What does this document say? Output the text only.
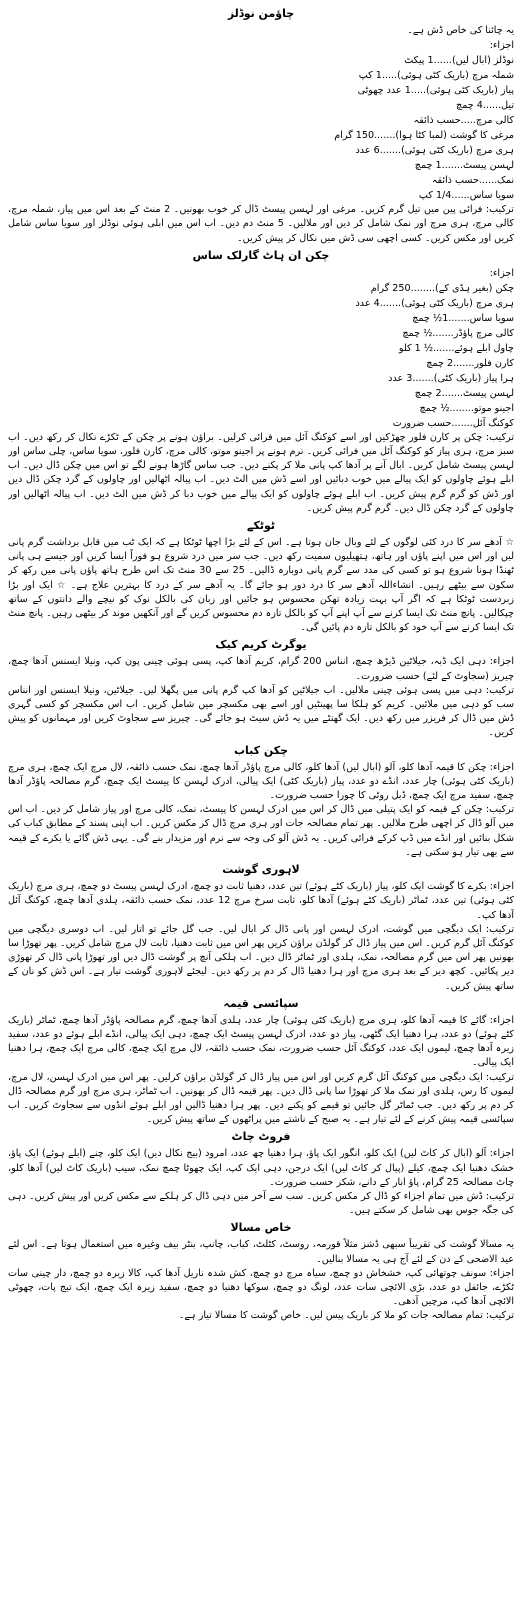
چاؤمن نوڈلز
یہ چائنا کی خاص ڈش ہے۔
اجزاء:
نوڈلز (ابال لیں)......1 پیکٹ
شملہ مرچ (باریک کٹی ہوئی).....1 کپ
پیاز (باریک کٹی ہوئی).....1 عدد چھوٹی
تیل......4 چمچ
کالی مرچ.....حسب ذائقہ
مرغی کا گوشت (لمبا کٹا ہوا).......150 گرام
ہری مرچ (باریک کٹی ہوئی).......6 عدد
لہسن پیسٹ.......1 چمچ
نمک......حسب ذائقہ
سویا ساس......1/4 کپ
ترکیب: فرائی پین میں تیل گرم کریں۔ مرغی اور لہسن پیسٹ ڈال کر خوب بھونیں۔ 2 منٹ کے بعد اس میں پیاز، شملہ مرچ، کالی مرچ، ہری مرچ اور نمک شامل کر دیں اور ملالیں۔ 5 منٹ دم دیں۔ اب اس میں ابلی ہوئی نوڈلز اور سویا ساس شامل کریں اور مکس کریں۔ کسی اچھی سی ڈش میں نکال کر پیش کریں۔
چکن ان ہاٹ گارلک ساس
اجزاء:
چکن (بغیر ہڈی کے)........250 گرام
ہری مرچ (باریک کٹی ہوئی).......4 عدد
سویا ساس.......1½ چمچ
کالی مرچ پاؤڈر.......½ چمچ
چاول ابلے ہوئے.......½ 1 کلو
کارن فلور.......2 چمچ
ہرا پیاز (باریک کٹی).......3 عدد
لہسن پیسٹ.......2 چمچ
اجینو موتو........½ چمچ
کوکنگ آئل.......حسب ضرورت
ترکیب: چکن پر کارن فلور چھڑکیں اور اسے کوکنگ آئل میں فرائی کرلیں۔ براؤن ہونے پر چکن کے ٹکڑے نکال کر رکھ دیں۔ اب سبز مرچ، ہری پیاز کو کوکنگ آئل میں فرائی کریں۔ نرم ہونے پر اجینو موتو، کالی مرچ، کارن فلور، سویا ساس، چلی ساس اور لہسن پیسٹ شامل کریں۔ ابال آنے پر آدھا کپ پانی ملا کر پکنے دیں۔ جب ساس گاڑھا ہونے لگے تو اس میں چکن ڈال دیں۔ اب ابلے ہوئے چاولوں کو ایک پیالے میں خوب دبائیں اور اسے ڈش میں الٹ دیں۔ اب پیالہ اٹھالیں اور چاولوں کے گرد چکن ڈال دیں اور ڈش کو گرم گرم پیش کریں۔ اب ابلے ہوئے چاولوں کو ایک پیالے میں خوب دبا کر ڈش میں الٹ دیں۔ اب پیالہ اٹھالیں اور چاولوں کے گرد چکن ڈال دیں۔ گرم گرم پیش کریں۔
ٹوٹکے
☆ آدھے سر کا درد کئی لوگوں کے لئے وبال جان ہوتا ہے۔ اس کے لئے بڑا اچھا ٹوٹکا ہے کہ ایک ٹب میں قابل برداشت گرم پانی لیں اور اس میں اپنے پاؤں اور ہاتھ، ہتھیلیوں سمیت رکھ دیں۔ جب سر میں درد شروع ہو فوراً ایسا کریں اور جیسے ہی پانی ٹھنڈا ہونا شروع ہو تو کسی کی مدد سے گرم پانی دوبارہ ڈالیں۔ 25 سے 30 منٹ تک اس طرح ہاتھ پاؤں پانی میں رکھ کر سکون سے بیٹھے رہیں۔ انشاءاللہ آدھے سر کا درد دور ہو جائے گا۔ یہ آدھے سر کے درد کا بہترین علاج ہے۔ ☆ ایک اور بڑا زبردست ٹوٹکا ہے کہ اگر آپ بہت زیادہ تھکن محسوس ہو جائیں اور زبان کی بالکل نوک کو نیچے والے دانتوں کے ساتھ چپکالیں۔ پانچ منٹ تک ایسا کرنے سے آپ اپنے آپ کو بالکل تازہ دم محسوس کریں گے اور آنکھیں موند کر بیٹھی رہیں۔ پانچ منٹ تک ایسا کرنے سے آپ خود کو بالکل تازہ دم پائیں گی۔
یوگرٹ کریم کیک
اجزاء: دہی ایک ڈبہ، جیلاٹین ڈیڑھ چمچ، انناس 200 گرام، کریم آدھا کپ، پسی ہوئی چینی پون کپ، ونیلا ایسنس آدھا چمچ، چیریز (سجاوٹ کے لئے) حسب ضرورت۔
ترکیب: دہی میں پسی ہوئی چینی ملالیں۔ اب جیلاٹین کو آدھا کپ گرم پانی میں پگھلا لیں۔ جیلاٹین، ونیلا ایسنس اور انناس سب کو دہی میں ملائیں۔ کریم کو ہلکا سا پھینٹیں اور اسے بھی مکسچر میں شامل کریں۔ اب اس مکسچر کو کسی گہری ڈش میں ڈال کر فریزر میں رکھ دیں۔ ایک گھنٹے میں یہ ڈش سیٹ ہو جائے گی۔ چیریز سے سجاوٹ کریں اور مہمانوں کو پیش کریں۔
چکن کباب
اجزاء: چکن کا قیمہ آدھا کلو، آلو (ابال لیں) آدھا کلو، کالی مرچ پاؤڈر آدھا چمچ، نمک حسب ذائقہ، لال مرچ ایک چمچ، ہری مرچ (باریک کٹی ہوئی) چار عدد، انڈے دو عدد، پیاز (باریک کٹی) ایک پیالی، ادرک لہسن کا پیسٹ ایک چمچ، گرم مصالحہ پاؤڈر آدھا چمچ، سفید مرچ ایک چمچ، ڈبل روٹی کا چورا حسب ضرورت۔
ترکیب: چکن کے قیمہ کو ایک پتیلی میں ڈال کر اس میں ادرک لہسن کا پیسٹ، نمک، کالی مرچ اور پیاز شامل کر دیں۔ اب اس میں آلو ڈال کر اچھی طرح ملالیں۔ پھر تمام مصالحہ جات اور ہری مرچ ڈال کر مکس کریں۔ اب اپنی پسند کے مطابق کباب کی شکل بنائیں اور انڈے میں ڈپ کرکے فرائی کریں۔ یہ ڈش آلو کی وجہ سے نرم اور مزیدار بنے گی۔ یہی ڈش گائے یا بکرے کے قیمہ سے بھی تیار ہو سکتی ہے۔
لاہوری گوشت
اجزاء: بکرے کا گوشت ایک کلو، پیاز (باریک کٹے ہوئے) تین عدد، دھنیا ثابت دو چمچ، ادرک لہسن پیسٹ دو چمچ، ہری مرچ (باریک کٹی ہوئی) تین عدد، ٹماٹر (باریک کٹے ہوئے) آدھا کلو، ثابت سرخ مرچ 12 عدد، نمک حسب ذائقہ، ہلدی آدھا چمچ، کوکنگ آئل آدھا کپ۔
ترکیب: ایک دیگچی میں گوشت، ادرک لہسن اور پانی ڈال کر ابال لیں۔ جب گل جائے تو اتار لیں۔ اب دوسری دیگچی میں کوکنگ آئل گرم کریں۔ اس میں پیاز ڈال کر گولڈن براؤن کریں پھر اس میں ثابت دھنیا، ثابت لال مرچ شامل کریں۔ پھر تھوڑا سا بھونیں پھر اس میں گرم مصالحہ، نمک، ہلدی اور ٹماٹر ڈال دیں۔ اب ہلکی آنچ پر گوشت ڈال دیں اور تھوڑا پانی ڈال کر تھوڑی دیر پکائیں۔ کچھ دیر کے بعد ہری مرچ اور ہرا دھنیا ڈال کر دم پر رکھ دیں۔ لیجئے لاہوری گوشت تیار ہے۔ اس ڈش کو نان کے ساتھ پیش کریں۔
سپائسی قیمہ
اجزاء: گائے کا قیمہ آدھا کلو، ہری مرچ (باریک کٹی ہوئی) چار عدد، ہلدی آدھا چمچ، گرم مصالحہ پاؤڈر آدھا چمچ، ٹماٹر (باریک کٹے ہوئے) دو عدد، ہرا دھنیا ایک گٹھی، پیاز دو عدد، ادرک لہسن پیسٹ ایک چمچ، دہی ایک پیالی، انڈے ابلے ہوئے دو عدد، سفید زیرہ آدھا چمچ، لیموں ایک عدد، کوکنگ آئل حسب ضرورت، نمک حسب ذائقہ، لال مرچ ایک چمچ، کالی مرچ ایک چمچ، ہرا دھنیا ایک پیالی۔
ترکیب: ایک دیگچی میں کوکنگ آئل گرم کریں اور اس میں پیاز ڈال کر گولڈن براؤن کرلیں۔ پھر اس میں ادرک لہسن، لال مرچ، لیموں کا رس، ہلدی اور نمک ملا کر تھوڑا سا پانی ڈال دیں۔ پھر قیمہ ڈال کر بھونیں۔ اب ٹماٹر، ہری مرچ اور گرم مصالحہ ڈال کر دم پر رکھ دیں۔ جب ٹماٹر گل جائیں تو قیمے کو پکنے دیں۔ پھر ہرا دھنیا ڈالیں اور ابلے ہوئے انڈوں سے سجاوٹ کریں۔ اب سپائسی قیمہ پیش کرنے کے لئے تیار ہے۔ یہ صبح کے ناشتے میں پراٹھوں کے ساتھ پیش کریں۔
فروٹ چاٹ
اجزاء: آلو (ابال کر کاٹ لیں) ایک کلو، انگور ایک پاؤ، ہرا دھنیا چھ عدد، امرود (بیج نکال دیں) ایک کلو، چنے (ابلے ہوئے) ایک پاؤ، خشک دھنیا ایک چمچ، کیلے (پیال کر کاٹ لیں) ایک درجن، دہی ایک کپ، ایک چھوٹا چمچ نمک، سیب (باریک کاٹ لیں) آدھا کلو، چاٹ مصالحہ 25 گرام، پاؤ انار کے دانے، شکر حسب ضرورت۔
ترکیب: ڈش میں تمام اجزاء کو ڈال کر مکس کریں۔ سب سے آخر میں دہی ڈال کر ہلکے سے مکس کریں اور پیش کریں۔ دہی کی جگہ جوس بھی شامل کر سکتے ہیں۔
خاص مسالا
یہ مسالا گوشت کی تقریباً سبھی ڈشز مثلاً قورمہ، روسٹ، کٹلٹ، کباب، چانپ، بنٹر بیف وغیرہ میں استعمال ہوتا ہے۔ اس لئے عید الاضحی کے دن کے لئے آج ہی یہ مسالا بنالیں۔
اجزاء: سونف چوتھائی کپ، خشخاش دو چمچ، سیاہ مرچ دو چمچ، کش شدہ ناریل آدھا کپ، کالا زیرہ دو چمچ، دار چینی سات ٹکڑے، جائفل دو عدد، بڑی الائچی سات عدد، لونگ دو چمچ، سوکھا دھنیا دو چمچ، سفید زیرہ ایک چمچ، ایک تیج پات، چھوٹی الائچی آدھا کپ، مرچیں آدھی۔
ترکیب: تمام مصالحہ جات کو ملا کر باریک پیس لیں۔ خاص گوشت کا مسالا تیار ہے۔
